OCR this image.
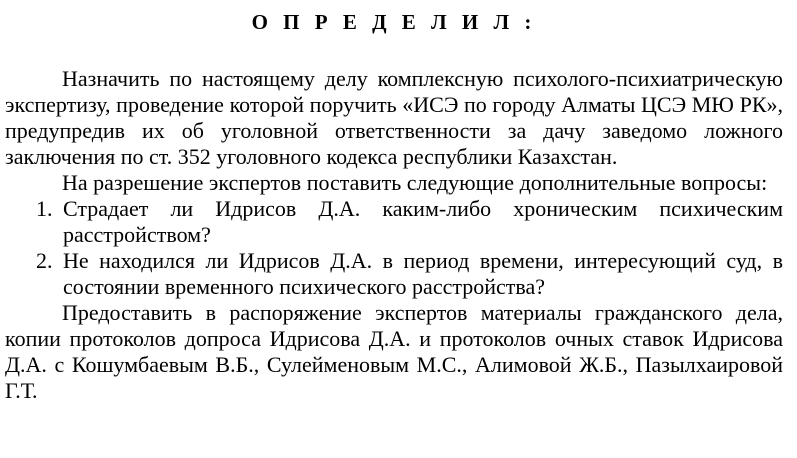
О П Р Е Д Е Л И Л :

Назначить по настоящему делу комплексную психолого-психиатрическую экспертизу, проведение которой поручить «ИСЭ по городу Алматы ЦСЭ МЮ РК», предупредив их об уголовной ответственности за дачу заведомо ложного заключения по ст. 352 уголовного кодекса республики Казахстан.

На разрешение экспертов поставить следующие дополнительные вопросы:

1. Страдает ли Идрисов Д.А. каким-либо хроническим психическим расстройством?
2. Не находился ли Идрисов Д.А. в период времени, интересующий суд, в состоянии временного психического расстройства?

Предоставить в распоряжение экспертов материалы гражданского дела, копии протоколов допроса Идрисова Д.А. и протоколов очных ставок Идрисова Д.А. с Кошумбаевым В.Б., Сулейменовым М.С., Алимовой Ж.Б., Пазылхаировой Г.Т.
